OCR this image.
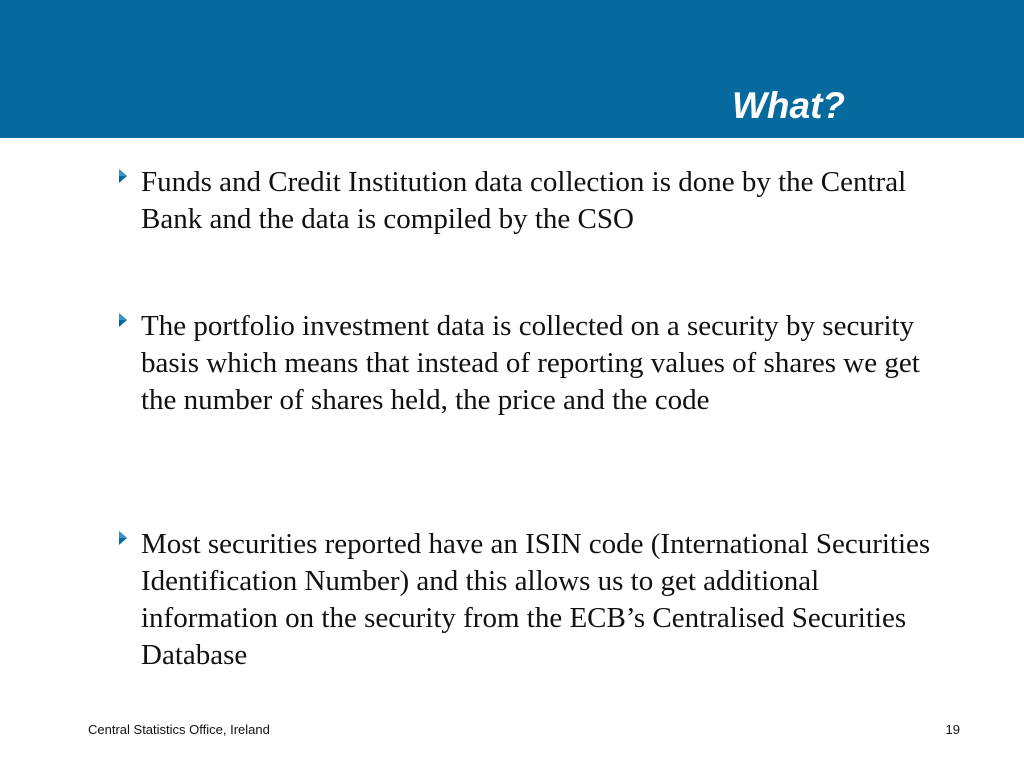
What?

Funds and Credit Institution data collection is done by the Central Bank and the data is compiled by the CSO

The portfolio investment data is collected on a security by security basis which means that instead of reporting values of shares we get the number of shares held, the price and the code

Most securities reported have an ISIN code (International Securities Identification Number) and this allows us to get additional information on the security from the ECB’s Centralised Securities Database

Central Statistics Office, Ireland	19
